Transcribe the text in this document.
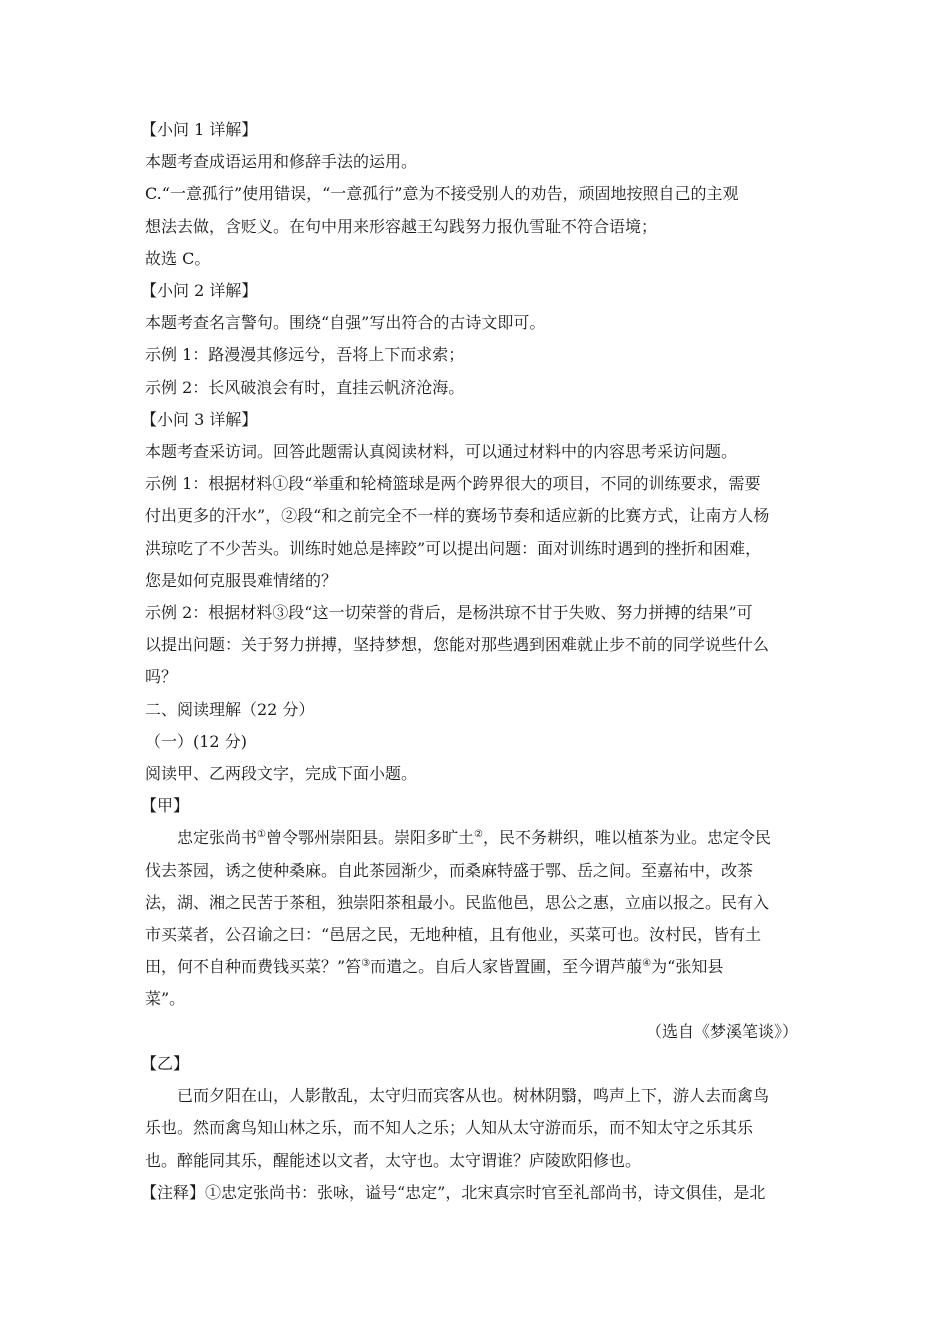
【小问 1 详解】

本题考查成语运用和修辞手法的运用。

C.“一意孤行”使用错误，“一意孤行”意为不接受别人的劝告，顽固地按照自己的主观

想法去做，含贬义。在句中用来形容越王勾践努力报仇雪耻不符合语境；

故选 C。

【小问 2 详解】

本题考查名言警句。围绕“自强”写出符合的古诗文即可。

示例 1：路漫漫其修远兮，吾将上下而求索；

示例 2：长风破浪会有时，直挂云帆济沧海。

【小问 3 详解】

本题考查采访词。回答此题需认真阅读材料，可以通过材料中的内容思考采访问题。

示例 1：根据材料①段“举重和轮椅篮球是两个跨界很大的项目，不同的训练要求，需要

付出更多的汗水”，②段“和之前完全不一样的赛场节奏和适应新的比赛方式，让南方人杨

洪琼吃了不少苦头。训练时她总是摔跤”可以提出问题：面对训练时遇到的挫折和困难，

您是如何克服畏难情绪的？

示例 2：根据材料③段“这一切荣誉的背后，是杨洪琼不甘于失败、努力拼搏的结果”可

以提出问题：关于努力拼搏，坚持梦想，您能对那些遇到困难就止步不前的同学说些什么

吗？

二、阅读理解（22 分）

（一）(12 分)

阅读甲、乙两段文字，完成下面小题。

【甲】

忠定张尚书①曾令鄂州崇阳县。崇阳多旷土②，民不务耕织，唯以植茶为业。忠定令民

伐去茶园，诱之使种桑麻。自此茶园渐少，而桑麻特盛于鄂、岳之间。至嘉祐中，改茶

法，湖、湘之民苦于茶租，独崇阳茶租最小。民监他邑，思公之惠，立庙以报之。民有入

市买菜者，公召谕之曰：“邑居之民，无地种植，且有他业，买菜可也。汝村民，皆有土

田，何不自种而费钱买菜？”笞③而遣之。自后人家皆置圃，至今谓芦菔④为“张知县

菜”。

（选自《梦溪笔谈》）

【乙】

已而夕阳在山，人影散乱，太守归而宾客从也。树林阴翳，鸣声上下，游人去而禽鸟

乐也。然而禽鸟知山林之乐，而不知人之乐；人知从太守游而乐，而不知太守之乐其乐

也。醉能同其乐，醒能述以文者，太守也。太守谓谁？庐陵欧阳修也。

【注释】①忠定张尚书：张咏，谥号“忠定”，北宋真宗时官至礼部尚书，诗文俱佳，是北
